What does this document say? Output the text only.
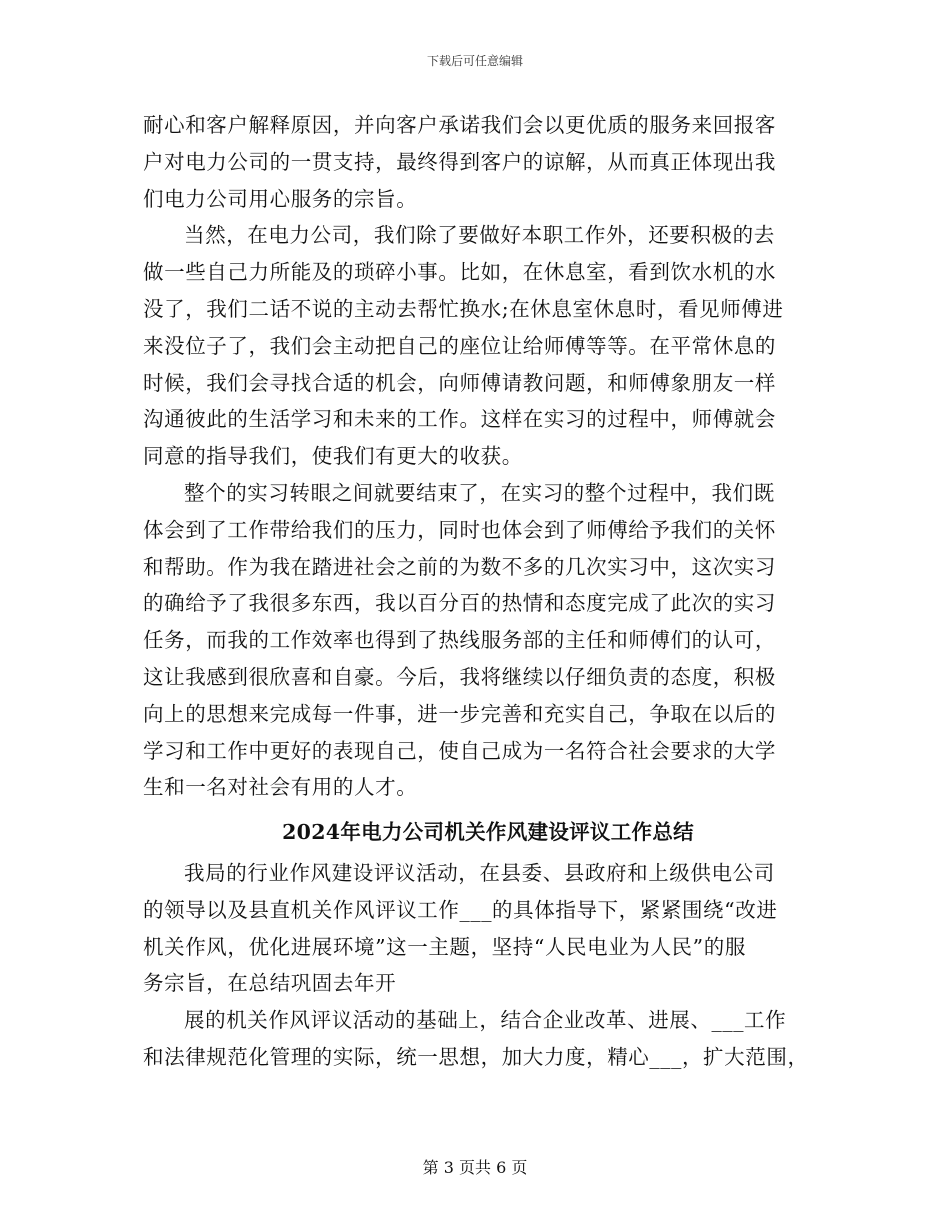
下载后可任意编辑
耐心和客户解释原因，并向客户承诺我们会以更优质的服务来回报客
户对电力公司的一贯支持，最终得到客户的谅解，从而真正体现出我
们电力公司用心服务的宗旨。
当然，在电力公司，我们除了要做好本职工作外，还要积极的去
做一些自己力所能及的琐碎小事。比如，在休息室，看到饮水机的水
没了，我们二话不说的主动去帮忙换水;在休息室休息时，看见师傅进
来没位子了，我们会主动把自己的座位让给师傅等等。在平常休息的
时候，我们会寻找合适的机会，向师傅请教问题，和师傅象朋友一样
沟通彼此的生活学习和未来的工作。这样在实习的过程中，师傅就会
同意的指导我们，使我们有更大的收获。
整个的实习转眼之间就要结束了，在实习的整个过程中，我们既
体会到了工作带给我们的压力，同时也体会到了师傅给予我们的关怀
和帮助。作为我在踏进社会之前的为数不多的几次实习中，这次实习
的确给予了我很多东西，我以百分百的热情和态度完成了此次的实习
任务，而我的工作效率也得到了热线服务部的主任和师傅们的认可，
这让我感到很欣喜和自豪。今后，我将继续以仔细负责的态度，积极
向上的思想来完成每一件事，进一步完善和充实自己，争取在以后的
学习和工作中更好的表现自己，使自己成为一名符合社会要求的大学
生和一名对社会有用的人才。
2024年电力公司机关作风建设评议工作总结
我局的行业作风建设评议活动，在县委、县政府和上级供电公司
的领导以及县直机关作风评议工作___的具体指导下，紧紧围绕“改进
机关作风，优化进展环境”这一主题，坚持“人民电业为人民”的服
务宗旨，在总结巩固去年开
展的机关作风评议活动的基础上，结合企业改革、进展、___工作
和法律规范化管理的实际，统一思想，加大力度，精心___，扩大范围，
第 3 页共 6 页
